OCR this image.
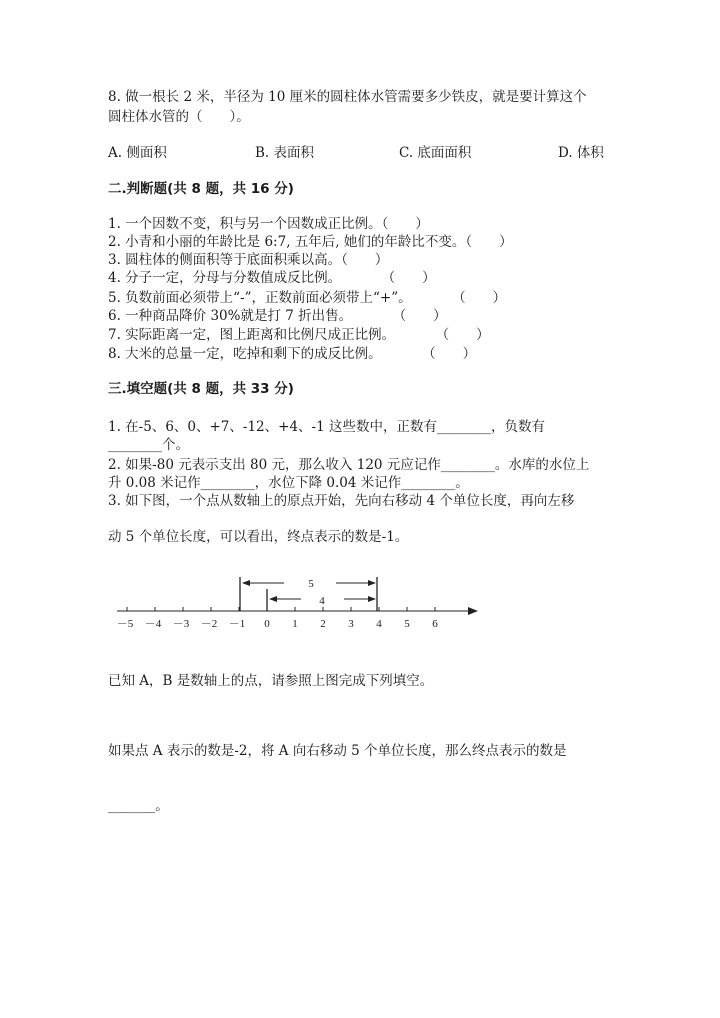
8. 做一根长 2 米，半径为 10 厘米的圆柱体水管需要多少铁皮，就是要计算这个
圆柱体水管的（　　）。
A. 侧面积	B. 表面积	C. 底面面积	D. 体积
二.判断题(共 8 题，共 16 分)
1. 一个因数不变，积与另一个因数成正比例。（　　）
2. 小青和小丽的年龄比是 6:7, 五年后, 她们的年龄比不变。（　　）
3. 圆柱体的侧面积等于底面积乘以高。（　　）
4. 分子一定，分母与分数值成反比例。　　　　（　　）
5. 负数前面必须带上“-”，正数前面必须带上“+”。　　　　（　　）
6. 一种商品降价 30%就是打 7 折出售。　　　　（　　）
7. 实际距离一定，图上距离和比例尺成正比例。　　　　（　　）
8. 大米的总量一定，吃掉和剩下的成反比例。　　　　（　　）
三.填空题(共 8 题，共 33 分)
1. 在-5、6、0、+7、-12、+4、-1 这些数中，正数有________，负数有
________个。
2. 如果-80 元表示支出 80 元，那么收入 120 元应记作________。水库的水位上
升 0.08 米记作________，水位下降 0.04 米记作________。
3. 如下图，一个点从数轴上的原点开始，先向右移动 4 个单位长度，再向左移
动 5 个单位长度，可以看出，终点表示的数是-1。
－5 －4 －3 －2 －1 0 1 2 3 4 5 6
5
4
已知 A，B 是数轴上的点，请参照上图完成下列填空。
如果点 A 表示的数是-2，将 A 向右移动 5 个单位长度，那么终点表示的数是
_______。
